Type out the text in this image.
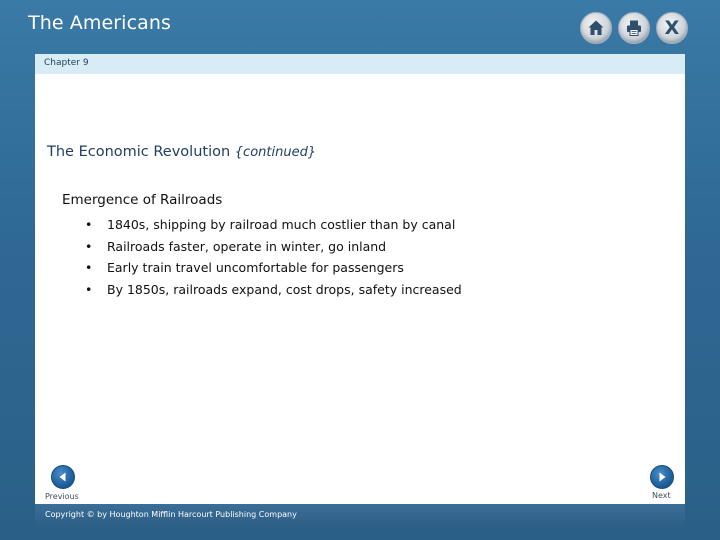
The Americans	X
Chapter 9
The Economic Revolution {continued}
Emergence of Railroads
• 1840s, shipping by railroad much costlier than by canal
• Railroads faster, operate in winter, go inland
• Early train travel uncomfortable for passengers
• By 1850s, railroads expand, cost drops, safety increased
Previous	Next
Copyright © by Houghton Mifflin Harcourt Publishing Company
